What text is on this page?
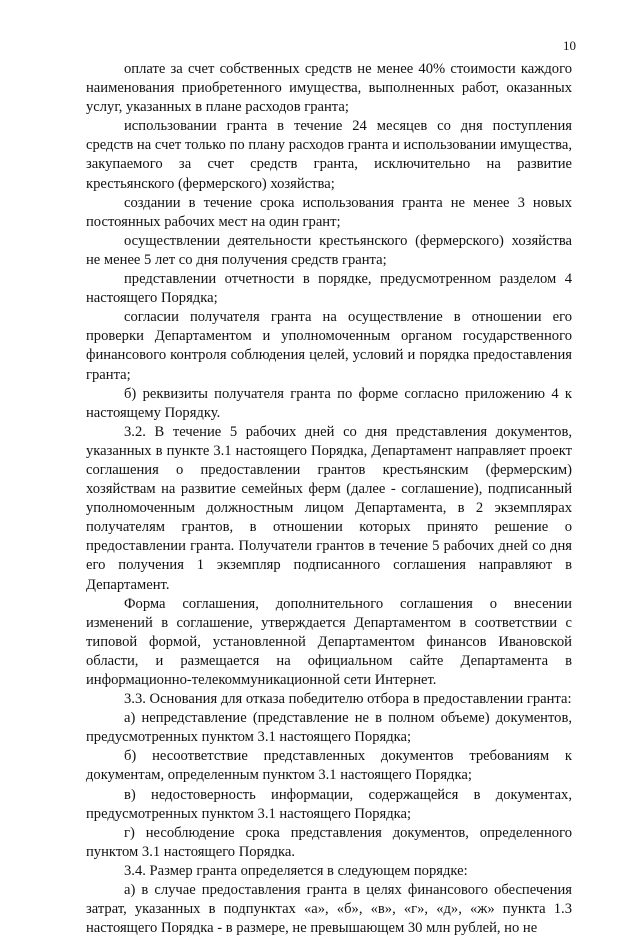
10

оплате за счет собственных средств не менее 40% стоимости каждого наименования приобретенного имущества, выполненных работ, оказанных услуг, указанных в плане расходов гранта;

использовании гранта в течение 24 месяцев со дня поступления средств на счет только по плану расходов гранта и использовании имущества, закупаемого за счет средств гранта, исключительно на развитие крестьянского (фермерского) хозяйства;

создании в течение срока использования гранта не менее 3 новых постоянных рабочих мест на один грант;

осуществлении деятельности крестьянского (фермерского) хозяйства не менее 5 лет со дня получения средств гранта;

представлении отчетности в порядке, предусмотренном разделом 4 настоящего Порядка;

согласии получателя гранта на осуществление в отношении его проверки Департаментом и уполномоченным органом государственного финансового контроля соблюдения целей, условий и порядка предоставления гранта;

б) реквизиты получателя гранта по форме согласно приложению 4 к настоящему Порядку.

3.2. В течение 5 рабочих дней со дня представления документов, указанных в пункте 3.1 настоящего Порядка, Департамент направляет проект соглашения о предоставлении грантов крестьянским (фермерским) хозяйствам на развитие семейных ферм (далее - соглашение), подписанный уполномоченным должностным лицом Департамента, в 2 экземплярах получателям грантов, в отношении которых принято решение о предоставлении гранта. Получатели грантов в течение 5 рабочих дней со дня его получения 1 экземпляр подписанного соглашения направляют в Департамент.

Форма соглашения, дополнительного соглашения о внесении изменений в соглашение, утверждается Департаментом в соответствии с типовой формой, установленной Департаментом финансов Ивановской области, и размещается на официальном сайте Департамента в информационно-телекоммуникационной сети Интернет.

3.3. Основания для отказа победителю отбора в предоставлении гранта:

а) непредставление (представление не в полном объеме) документов, предусмотренных пунктом 3.1 настоящего Порядка;

б) несоответствие представленных документов требованиям к документам, определенным пунктом 3.1 настоящего Порядка;

в) недостоверность информации, содержащейся в документах, предусмотренных пунктом 3.1 настоящего Порядка;

г) несоблюдение срока представления документов, определенного пунктом 3.1 настоящего Порядка.

3.4. Размер гранта определяется в следующем порядке:

а) в случае предоставления гранта в целях финансового обеспечения затрат, указанных в подпунктах «а», «б», «в», «г», «д», «ж» пункта 1.3 настоящего Порядка - в размере, не превышающем 30 млн рублей, но не
